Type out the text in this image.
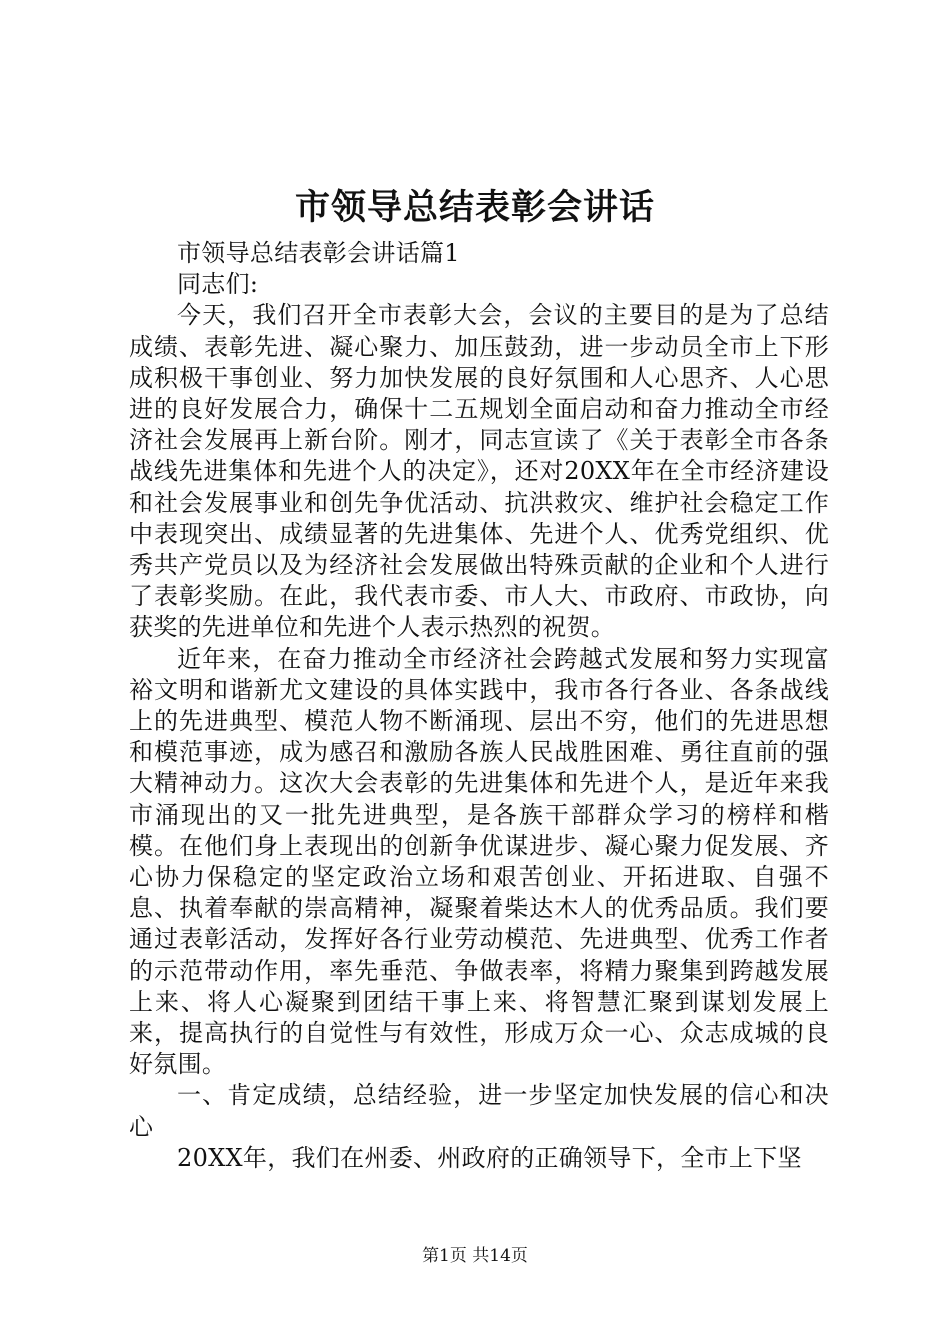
市领导总结表彰会讲话

市领导总结表彰会讲话篇1

同志们:

今天，我们召开全市表彰大会，会议的主要目的是为了总结成绩、表彰先进、凝心聚力、加压鼓劲，进一步动员全市上下形成积极干事创业、努力加快发展的良好氛围和人心思齐、人心思进的良好发展合力，确保十二五规划全面启动和奋力推动全市经济社会发展再上新台阶。刚才，同志宣读了《关于表彰全市各条战线先进集体和先进个人的决定》，还对20XX年在全市经济建设和社会发展事业和创先争优活动、抗洪救灾、维护社会稳定工作中表现突出、成绩显著的先进集体、先进个人、优秀党组织、优秀共产党员以及为经济社会发展做出特殊贡献的企业和个人进行了表彰奖励。在此，我代表市委、市人大、市政府、市政协，向获奖的先进单位和先进个人表示热烈的祝贺。

近年来，在奋力推动全市经济社会跨越式发展和努力实现富裕文明和谐新尤文建设的具体实践中，我市各行各业、各条战线上的先进典型、模范人物不断涌现、层出不穷，他们的先进思想和模范事迹，成为感召和激励各族人民战胜困难、勇往直前的强大精神动力。这次大会表彰的先进集体和先进个人，是近年来我市涌现出的又一批先进典型，是各族干部群众学习的榜样和楷模。在他们身上表现出的创新争优谋进步、凝心聚力促发展、齐心协力保稳定的坚定政治立场和艰苦创业、开拓进取、自强不息、执着奉献的崇高精神，凝聚着柴达木人的优秀品质。我们要通过表彰活动，发挥好各行业劳动模范、先进典型、优秀工作者的示范带动作用，率先垂范、争做表率，将精力聚集到跨越发展上来、将人心凝聚到团结干事上来、将智慧汇聚到谋划发展上来，提高执行的自觉性与有效性，形成万众一心、众志成城的良好氛围。

一、肯定成绩，总结经验，进一步坚定加快发展的信心和决心

20XX年，我们在州委、州政府的正确领导下，全市上下坚

第1页 共14页
